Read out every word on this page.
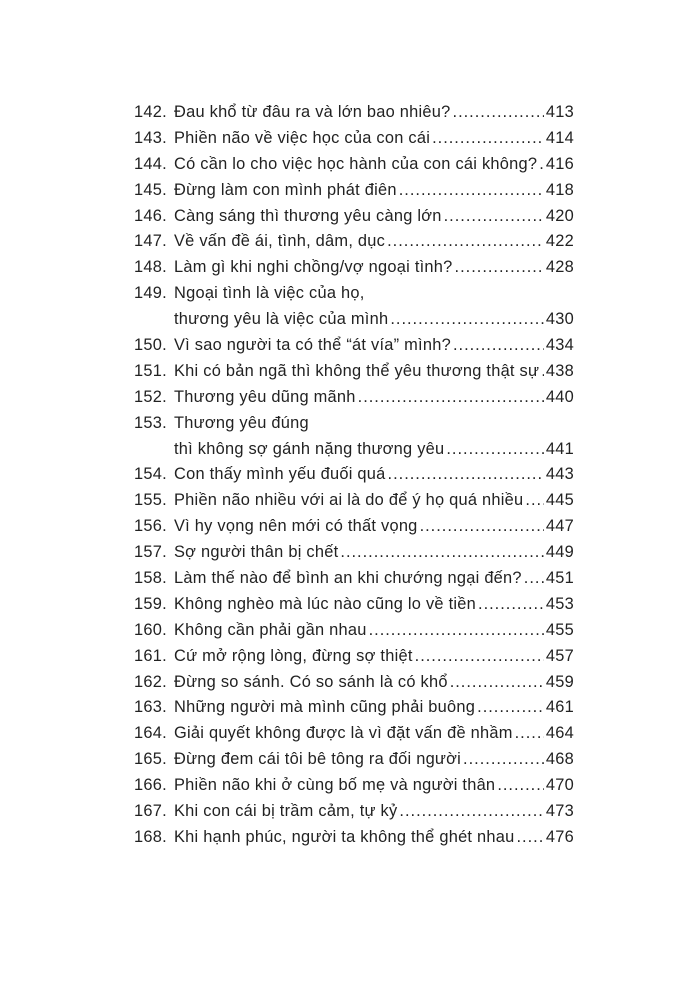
142. Đau khổ từ đâu ra và lớn bao nhiêu? .....	413
143. Phiền não về việc học của con cái .....	414
144. Có cần lo cho việc học hành của con cái không? ..... 416
145. Đừng làm con mình phát điên .....	418
146. Càng sáng thì thương yêu càng lớn .....	420
147. Về vấn đề ái, tình, dâm, dục .....	422
148. Làm gì khi nghi chồng/vợ ngoại tình? .....	428
149. Ngoại tình là việc của họ,
thương yêu là việc của mình .....	430
150. Vì sao người ta có thể “át vía” mình? .....	434
151. Khi có bản ngã thì không thể yêu thương thật sự ..... 438
152. Thương yêu dũng mãnh .....	440
153. Thương yêu đúng
thì không sợ gánh nặng thương yêu .....	441
154. Con thấy mình yếu đuối quá .....	443
155. Phiền não nhiều với ai là do để ý họ quá nhiều ..... 445
156. Vì hy vọng nên mới có thất vọng .....	447
157. Sợ người thân bị chết .....	449
158. Làm thế nào để bình an khi chướng ngại đến? ..... 451
159. Không nghèo mà lúc nào cũng lo về tiền .....	453
160. Không cần phải gần nhau .....	455
161. Cứ mở rộng lòng, đừng sợ thiệt .....	457
162. Đừng so sánh. Có so sánh là có khổ .....	459
163. Những người mà mình cũng phải buông .....	461
164. Giải quyết không được là vì đặt vấn đề nhầm ..... 464
165. Đừng đem cái tôi bê tông ra đối người .....	468
166. Phiền não khi ở cùng bố mẹ và người thân .....	470
167. Khi con cái bị trầm cảm, tự kỷ .....	473
168. Khi hạnh phúc, người ta không thể ghét nhau ..... 476
